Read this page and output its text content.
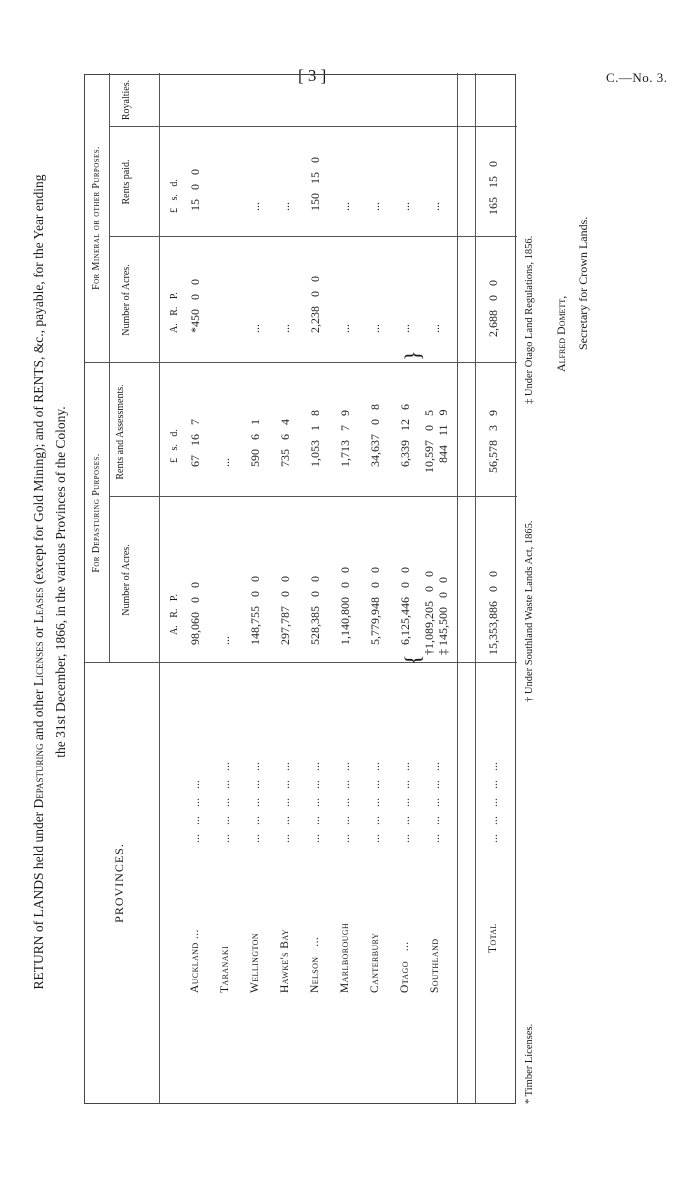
[ 3 ]	C.—No. 3.
RETURN of LANDS held under Depasturing and other Licenses or Leases (except for Gold Mining); and of RENTS, &c., payable, for the Year ending the 31st December, 1866, in the various Provinces of the Colony.
PROVINCES.
For Depasturing Purposes.
For Mineral or other Purposes.
Number of Acres.
Rents and Assessments.
Number of Acres.
Rents paid.
Royalties.
A.   R.   P.
£   s.   d.
A.   R.   P.
£   s.   d.
Auckland ...
...   ...   ...   ...
98,060   0   0
67   16   7
*450   0   0
15   0   0
Taranaki
...   ...   ...   ...   ...
...
...
Wellington
...   ...   ...   ...   ...
148,755   0   0
590   6   1
...
...
Hawke's Bay
...   ...   ...   ...   ...
297,787   0   0
735   6   4
...
...
Nelson   ...
...   ...   ...   ...   ...
528,385   0   0
1,053   1   8
2,238   0   0
150   15   0
Marlborough
...   ...   ...   ...   ...
1,140,800   0   0
1,713   7   9
...
...
Canterbury
...   ...   ...   ...   ...
5,779,948   0   0
34,637   0   8
...
...
Otago   ...
...   ...   ...   ...   ...
6,125,446   0   0
6,339   12   6
...
...
Southland
...   ...   ...   ...   ...
†1,089,205   0   0 ‡ 145,500   0   0
10,597   0   5 844   11   9
...
...
Total
...   ...   ...   ...   ...
15,353,886   0   0
56,578   3   9
2,688   0   0
165   15   0
{
}
* Timber Licenses.
† Under Southland Waste Lands Act, 1865.
‡ Under Otago Land Regulations, 1856.	Alfred Domett, Secretary for Crown Lands.
